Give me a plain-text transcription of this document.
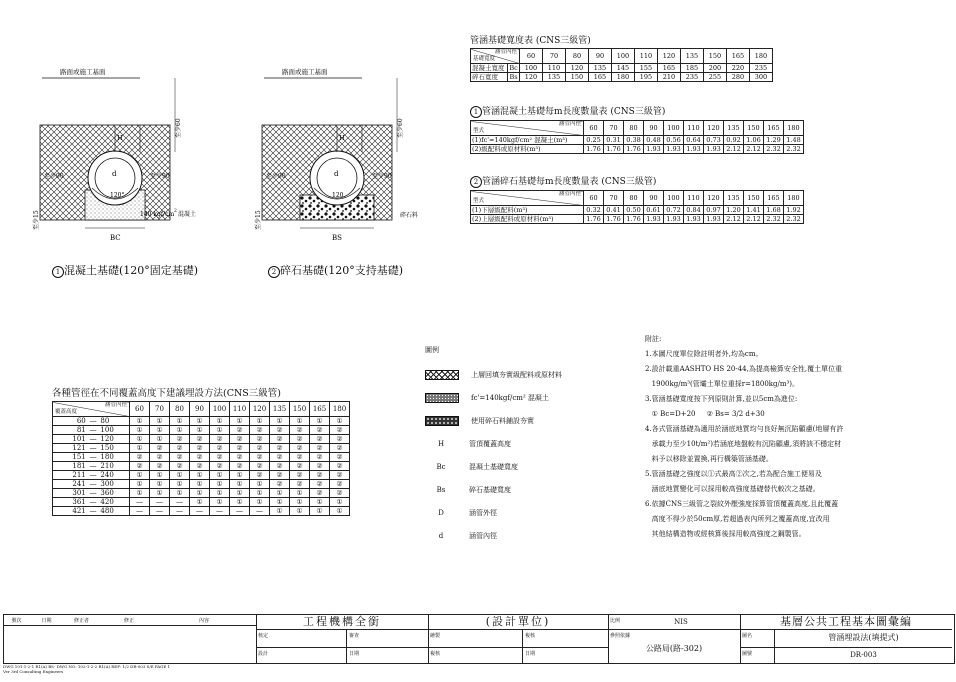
路面或施工基面
H
d
120°
至少90	至少90
至少60
140 kgf/cm 2 混凝土
至少15
BC
1 混凝土基礎(120°固定基礎)
路面或施工基面
H
d
120
至少90	至少90
至少60
碎石料
至少15
BS
2 碎石基礎(120°支持基礎)
管涵基礎寬度表 (CNS三級管)
涵管內徑
基礎寬度		60	70	80	90	100	110	120	135	150	165	180
混凝土寬度	Bc	100	110	120	135	145	155	165	185	200	220	235
碎石寬度	Bs	120	135	150	165	180	195	210	235	255	280	300
1 管涵混凝土基礎每m長度數量表 (CNS三級管)
涵管內徑
型式	60	70	80	90	100	110	120	135	150	165	180
(1)fc'=140kgf/cm² 混凝土(m³)	0.25	0.31	0.38	0.48	0.56	0.64	0.73	0.92	1.06	1.29	1.48
(2)級配料或原材料(m³)	1.76	1.76	1.76	1.93	1.93	1.93	1.93	2.12	2.12	2.32	2.32
2 管涵碎石基礎每m長度數量表 (CNS三級管)
涵管內徑
型式	60	70	80	90	100	110	120	135	150	165	180
(1)下層級配料(m³)	0.32	0.41	0.50	0.61	0.72	0.84	0.97	1.20	1.41	1.68	1.92
(2)上層級配料或原材料(m³)	1.76	1.76	1.76	1.93	1.93	1.93	1.93	2.12	2.12	2.32	2.32
各種管徑在不同覆蓋高度下建議埋設方法(CNS三級管)
涵管內徑
覆蓋高度			60	70	80	90	100	110	120	135	150	165	180
60	—	80	①	①	①	①	①	①	①	①	①	①	①
81	—	100	①	①	①	①	①	②	②	②	②	②	②
101	—	120	①	①	②	②	②	②	②	②	②	②	②
121	—	150	①	②	②	②	②	②	②	②	②	②	②
151	—	180	②	②	②	②	②	②	②	②	②	②	②
181	—	210	②	②	②	②	②	②	②	②	②	②	②
211	—	240	①	①	①	①	①	①	②	②	②	②	②
241	—	300	①	①	①	①	①	①	①	②	②	②	②
301	—	360	①	①	①	①	①	①	①	①	①	②	②
361	—	420	—	—	—	①	①	①	①	①	①	①	①
421	—	480	—	—	—	—	—	—	—	①	①	①	①
圖例
上層回填夯實級配料或原材料
fc'=140kgf/cm² 混凝土
使用碎石料鋪設夯實
H	管頂覆蓋高度
Bc	混凝土基礎寬度
Bs	碎石基礎寬度
D	涵管外徑
d	涵管內徑
附註:
1.本圖尺度單位除註明者外,均為cm。
2.設計載重AASHTO HS 20-44,為提高檢算安全性,覆土單位重
1900kg/m³(管壩土單位重採r=1800kg/m³)。
3.管涵基礎寬度按下列原則計算,並以5cm為進位:
① Bc=D+20     ② Bs= 3/2 d+30
4.各式管涵基礎為適用於涵底地質均勻良好無沉陷顧慮(地層有許
承載力至少10t/m²)若涵底地盤較有沉陷顧慮,須將該不穩定材
料予以移除並置換,再行構築管涵基礎。
5.管涵基礎之強度以①式最高②次之,若為配合施工便易及
涵底地質變化可以採用較高強度基礎替代較次之基礎。
6.依據CNS三級管之裂紋外壓強度採算管頂覆蓋高度,且此覆蓋
高度不得少於50cm厚,若超過表內所列之覆蓋高度,宜改用
其他結構造物或經核算後採用較高強度之鋼製管。
號次	日期	修正者	修正	內容	工程機構全銜
核定	審查
設計	日期
(設計單位)
繪製	複核
複核	日期
比例	NIS
參照依據
公路局(路-302)
基層公共工程基本圖彙編
圖名	管涵埋設法(填提式)
圖號	DR-003
DWG 101-1-2-1 R1(A) BS- DWG NO: 102-1-2-2 R1(A) REF: 1/2 DR-003 S/E PAGE 1
Ver 3rd Consulting Engineers
